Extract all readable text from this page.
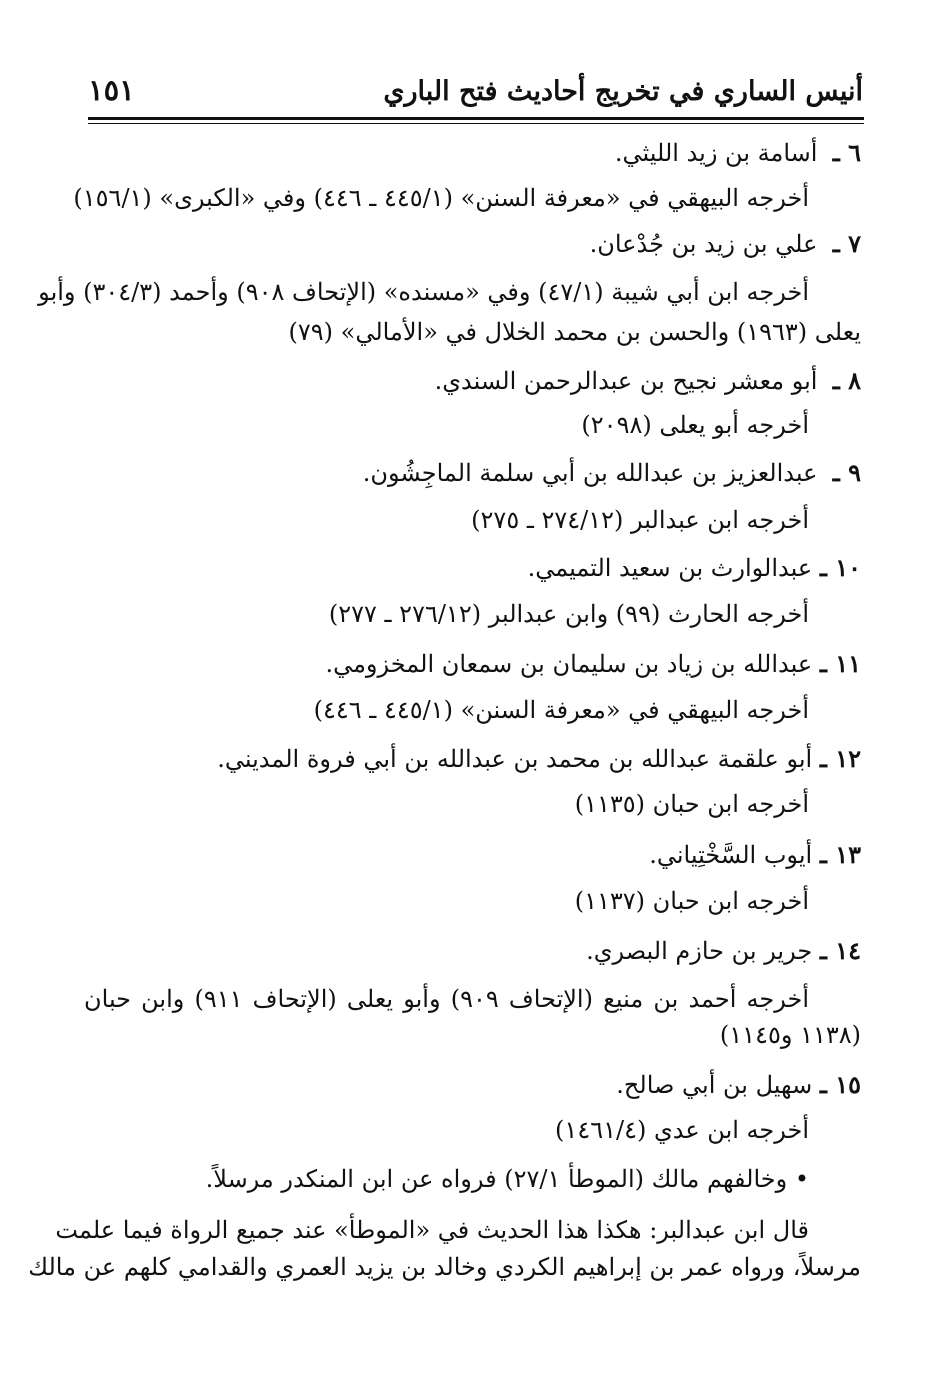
أنيس الساري في تخريج أحاديث فتح الباري
١٥١
٦ ـ  أسامة بن زيد الليثي.
أخرجه البيهقي في «معرفة السنن» (٤٤٥/١ ـ ٤٤٦) وفي «الكبرى» (١٥٦/١)
٧ ـ  علي بن زيد بن جُدْعان.
أخرجه ابن أبي شيبة (٤٧/١) وفي «مسنده» (الإتحاف ٩٠٨) وأحمد (٣٠٤/٣) وأبو
يعلى (١٩٦٣) والحسن بن محمد الخلال في «الأمالي» (٧٩)
٨ ـ  أبو معشر نجيح بن عبدالرحمن السندي.
أخرجه أبو يعلى (٢٠٩٨)
٩ ـ  عبدالعزيز بن عبدالله بن أبي سلمة الماجِشُون.
أخرجه ابن عبدالبر (٢٧٤/١٢ ـ ٢٧٥)
١٠ ـ عبدالوارث بن سعيد التميمي.
أخرجه الحارث (٩٩) وابن عبدالبر (٢٧٦/١٢ ـ ٢٧٧)
١١ ـ عبدالله بن زياد بن سليمان بن سمعان المخزومي.
أخرجه البيهقي في «معرفة السنن» (٤٤٥/١ ـ ٤٤٦)
١٢ ـ أبو علقمة عبدالله بن محمد بن عبدالله بن أبي فروة المديني.
أخرجه ابن حبان (١١٣٥)
١٣ ـ أيوب السَّخْتِياني.
أخرجه ابن حبان (١١٣٧)
١٤ ـ جرير بن حازم البصري.
أخرجه أحمد بن منيع (الإتحاف ٩٠٩) وأبو يعلى (الإتحاف ٩١١) وابن حبان
(١١٣٨ و١١٤٥)
١٥ ـ سهيل بن أبي صالح.
أخرجه ابن عدي (١٤٦١/٤)
• وخالفهم مالك (الموطأ ٢٧/١) فرواه عن ابن المنكدر مرسلاً.
قال ابن عبدالبر: هكذا هذا الحديث في «الموطأ» عند جميع الرواة فيما علمت
مرسلاً، ورواه عمر بن إبراهيم الكردي وخالد بن يزيد العمري والقدامي كلهم عن مالك
